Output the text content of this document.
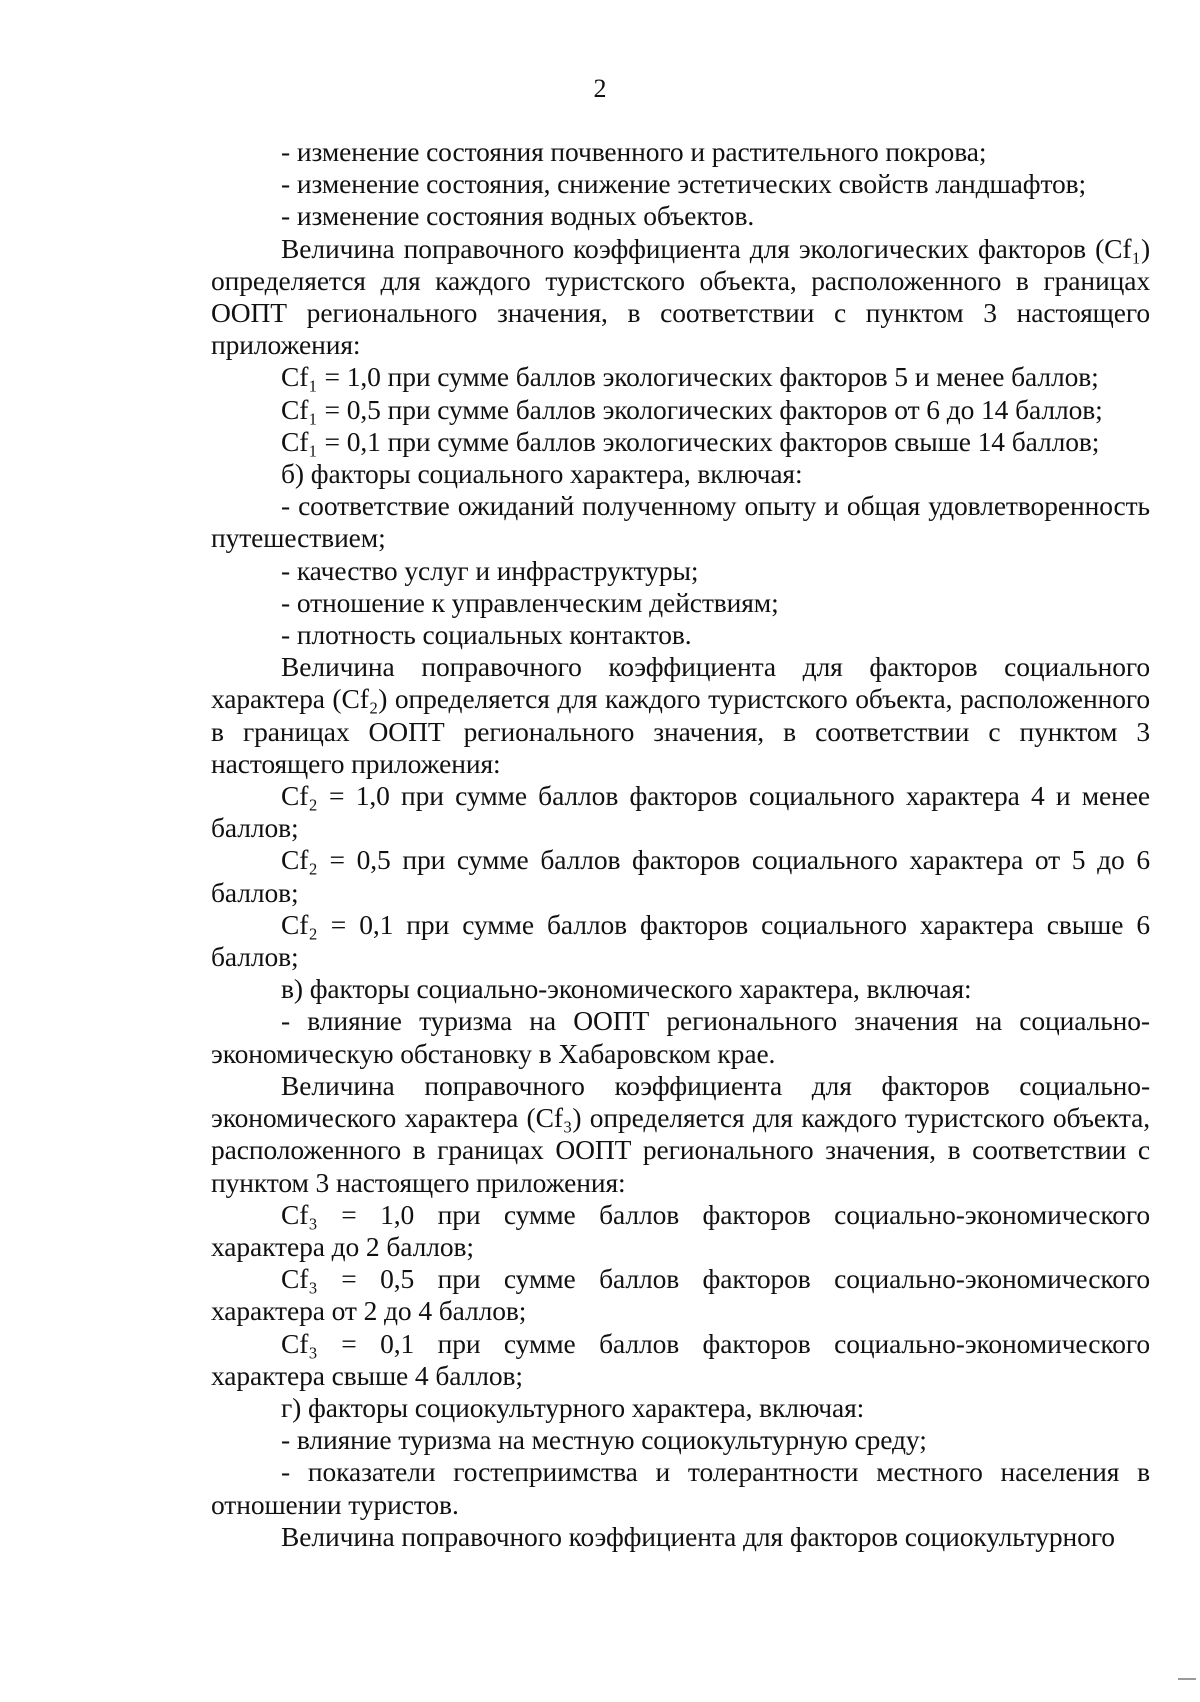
2

- изменение состояния почвенного и растительного покрова;

- изменение состояния, снижение эстетических свойств ландшафтов;

- изменение состояния водных объектов.

Величина поправочного коэффициента для экологических факторов (Cf₁) определяется для каждого туристского объекта, расположенного в границах ООПТ регионального значения, в соответствии с пунктом 3 настоящего приложения:

Cf₁ = 1,0 при сумме баллов экологических факторов 5 и менее баллов;

Cf₁ = 0,5 при сумме баллов экологических факторов от 6 до 14 баллов;

Cf₁ = 0,1 при сумме баллов экологических факторов свыше 14 баллов;

б) факторы социального характера, включая:

- соответствие ожиданий полученному опыту и общая удовлетворенность путешествием;

- качество услуг и инфраструктуры;

- отношение к управленческим действиям;

- плотность социальных контактов.

Величина поправочного коэффициента для факторов социального характера (Cf₂) определяется для каждого туристского объекта, расположенного в границах ООПТ регионального значения, в соответствии с пунктом 3 настоящего приложения:

Cf₂ = 1,0 при сумме баллов факторов социального характера 4 и менее баллов;

Cf₂ = 0,5 при сумме баллов факторов социального характера от 5 до 6 баллов;

Cf₂ = 0,1 при сумме баллов факторов социального характера свыше 6 баллов;

в) факторы социально-экономического характера, включая:

- влияние туризма на ООПТ регионального значения на социально-экономическую обстановку в Хабаровском крае.

Величина поправочного коэффициента для факторов социально-экономического характера (Cf₃) определяется для каждого туристского объекта, расположенного в границах ООПТ регионального значения, в соответствии с пунктом 3 настоящего приложения:

Cf₃ = 1,0 при сумме баллов факторов социально-экономического характера до 2 баллов;

Cf₃ = 0,5 при сумме баллов факторов социально-экономического характера от 2 до 4 баллов;

Cf₃ = 0,1 при сумме баллов факторов социально-экономического характера свыше 4 баллов;

г) факторы социокультурного характера, включая:

- влияние туризма на местную социокультурную среду;

- показатели гостеприимства и толерантности местного населения в отношении туристов.

Величина поправочного коэффициента для факторов социокультурного
